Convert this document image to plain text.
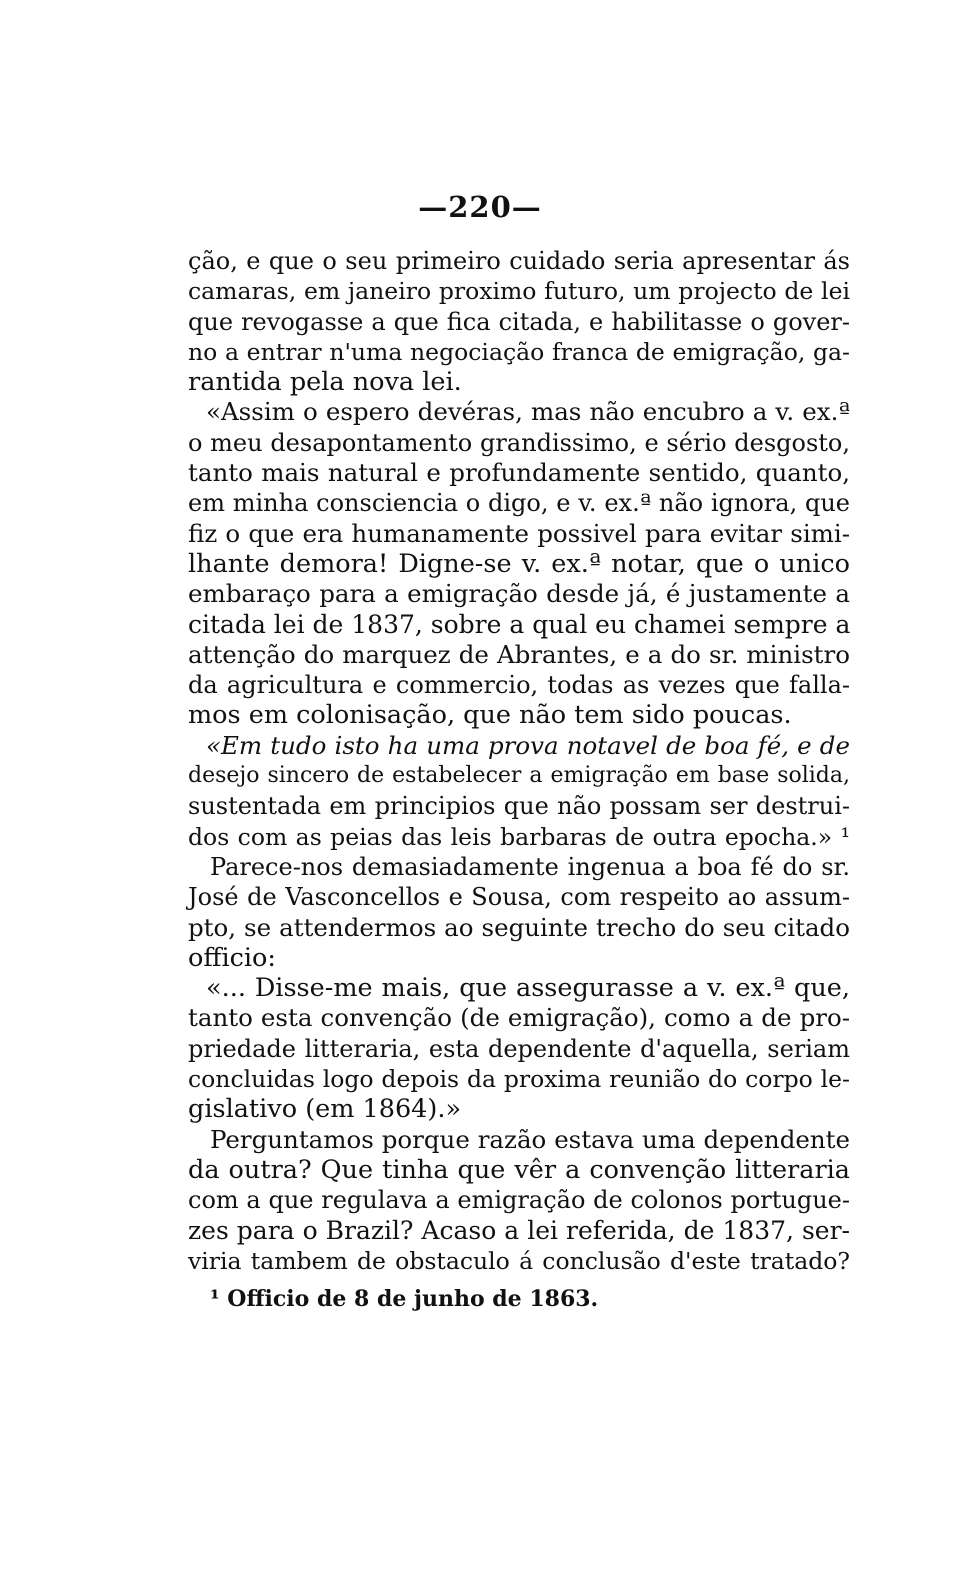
—220—
ção, e que o seu primeiro cuidado seria apresentar ás
camaras, em janeiro proximo futuro, um projecto de lei
que revogasse a que fica citada, e habilitasse o gover-
no a entrar n'uma negociação franca de emigração, ga-
rantida pela nova lei.
«Assim o espero devéras, mas não encubro a v. ex.ª
o meu desapontamento grandissimo, e sério desgosto,
tanto mais natural e profundamente sentido, quanto,
em minha consciencia o digo, e v. ex.ª não ignora, que
fiz o que era humanamente possivel para evitar simi-
lhante demora! Digne-se v. ex.ª notar, que o unico
embaraço para a emigração desde já, é justamente a
citada lei de 1837, sobre a qual eu chamei sempre a
attenção do marquez de Abrantes, e a do sr. ministro
da agricultura e commercio, todas as vezes que falla-
mos em colonisação, que não tem sido poucas.
«Em tudo isto ha uma prova notavel de boa fé, e de
desejo sincero de estabelecer a emigração em base solida,
sustentada em principios que não possam ser destrui-
dos com as peias das leis barbaras de outra epocha.» ¹
Parece-nos demasiadamente ingenua a boa fé do sr.
José de Vasconcellos e Sousa, com respeito ao assum-
pto, se attendermos ao seguinte trecho do seu citado
officio:
«... Disse-me mais, que assegurasse a v. ex.ª que,
tanto esta convenção (de emigração), como a de pro-
priedade litteraria, esta dependente d'aquella, seriam
concluidas logo depois da proxima reunião do corpo le-
gislativo (em 1864).»
Perguntamos porque razão estava uma dependente
da outra? Que tinha que vêr a convenção litteraria
com a que regulava a emigração de colonos portugue-
zes para o Brazil? Acaso a lei referida, de 1837, ser-
viria tambem de obstaculo á conclusão d'este tratado?
¹ Officio de 8 de junho de 1863.
